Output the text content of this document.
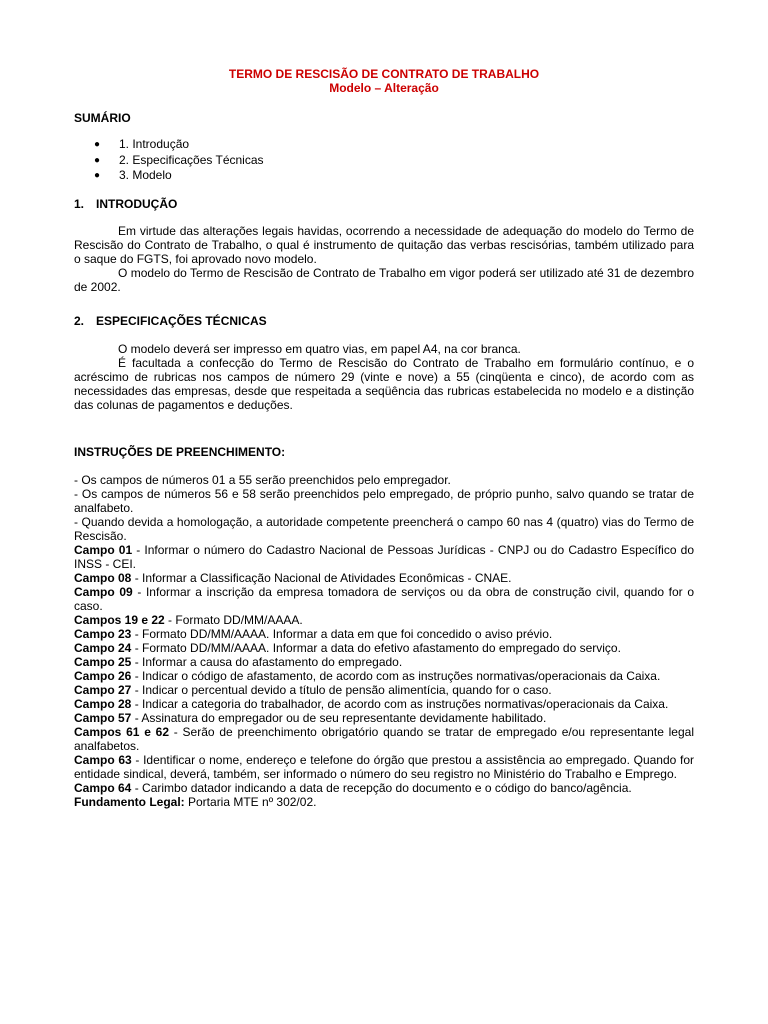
TERMO DE RESCISÃO DE CONTRATO DE TRABALHO
Modelo – Alteração
SUMÁRIO
● 1. Introdução
● 2. Especificações Técnicas
● 3. Modelo
1. INTRODUÇÃO

Em virtude das alterações legais havidas, ocorrendo a necessidade de adequação do modelo do Termo de Rescisão do Contrato de Trabalho, o qual é instrumento de quitação das verbas rescisórias, também utilizado para o saque do FGTS, foi aprovado novo modelo.

O modelo do Termo de Rescisão de Contrato de Trabalho em vigor poderá ser utilizado até 31 de dezembro de 2002.

2. ESPECIFICAÇÕES TÉCNICAS

O modelo deverá ser impresso em quatro vias, em papel A4, na cor branca.

É facultada a confecção do Termo de Rescisão do Contrato de Trabalho em formulário contínuo, e o acréscimo de rubricas nos campos de número 29 (vinte e nove) a 55 (cinqüenta e cinco), de acordo com as necessidades das empresas, desde que respeitada a seqüência das rubricas estabelecida no modelo e a distinção das colunas de pagamentos e deduções.

INSTRUÇÕES DE PREENCHIMENTO:

- Os campos de números 01 a 55 serão preenchidos pelo empregador.

- Os campos de números 56 e 58 serão preenchidos pelo empregado, de próprio punho, salvo quando se tratar de analfabeto.

- Quando devida a homologação, a autoridade competente preencherá o campo 60 nas 4 (quatro) vias do Termo de Rescisão.

Campo 01 - Informar o número do Cadastro Nacional de Pessoas Jurídicas - CNPJ ou do Cadastro Específico do INSS - CEI.

Campo 08 - Informar a Classificação Nacional de Atividades Econômicas - CNAE.

Campo 09 - Informar a inscrição da empresa tomadora de serviços ou da obra de construção civil, quando for o caso.

Campos 19 e 22 - Formato DD/MM/AAAA.

Campo 23 - Formato DD/MM/AAAA. Informar a data em que foi concedido o aviso prévio.

Campo 24 - Formato DD/MM/AAAA. Informar a data do efetivo afastamento do empregado do serviço.

Campo 25 - Informar a causa do afastamento do empregado.

Campo 26 - Indicar o código de afastamento, de acordo com as instruções normativas/operacionais da Caixa.

Campo 27 - Indicar o percentual devido a título de pensão alimentícia, quando for o caso.

Campo 28 - Indicar a categoria do trabalhador, de acordo com as instruções normativas/operacionais da Caixa.

Campo 57 - Assinatura do empregador ou de seu representante devidamente habilitado.

Campos 61 e 62 - Serão de preenchimento obrigatório quando se tratar de empregado e/ou representante legal analfabetos.

Campo 63 - Identificar o nome, endereço e telefone do órgão que prestou a assistência ao empregado. Quando for entidade sindical, deverá, também, ser informado o número do seu registro no Ministério do Trabalho e Emprego.

Campo 64 - Carimbo datador indicando a data de recepção do documento e o código do banco/agência.

Fundamento Legal: Portaria MTE nº 302/02.
